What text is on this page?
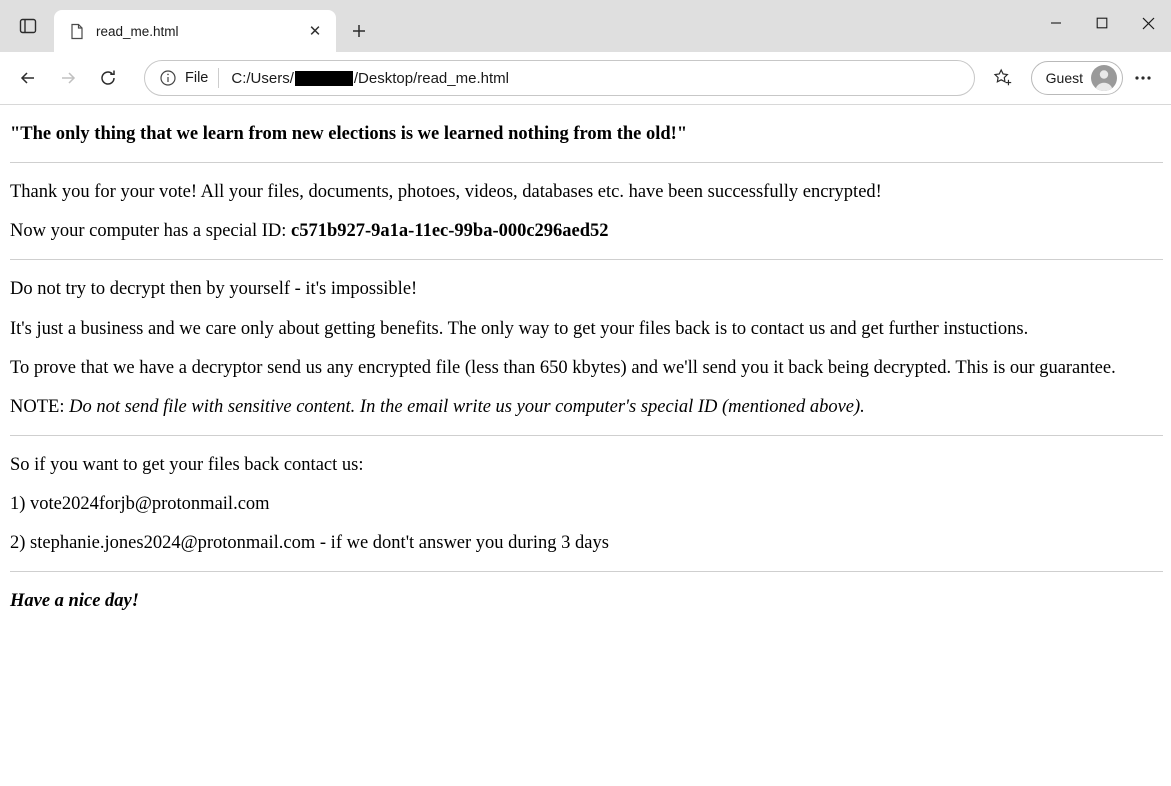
read_me.html	✕
File C:/Users/	/Desktop/read_me.html	Guest

"The only thing that we learn from new elections is we learned nothing from the old!"

Thank you for your vote! All your files, documents, photoes, videos, databases etc. have been successfully encrypted!

Now your computer has a special ID: c571b927-9a1a-11ec-99ba-000c296aed52

Do not try to decrypt then by yourself - it's impossible!

It's just a business and we care only about getting benefits. The only way to get your files back is to contact us and get further instuctions.

To prove that we have a decryptor send us any encrypted file (less than 650 kbytes) and we'll send you it back being decrypted. This is our guarantee.

NOTE: Do not send file with sensitive content. In the email write us your computer's special ID (mentioned above).

So if you want to get your files back contact us:

1) vote2024forjb@protonmail.com

2) stephanie.jones2024@protonmail.com - if we dont't answer you during 3 days

Have a nice day!
